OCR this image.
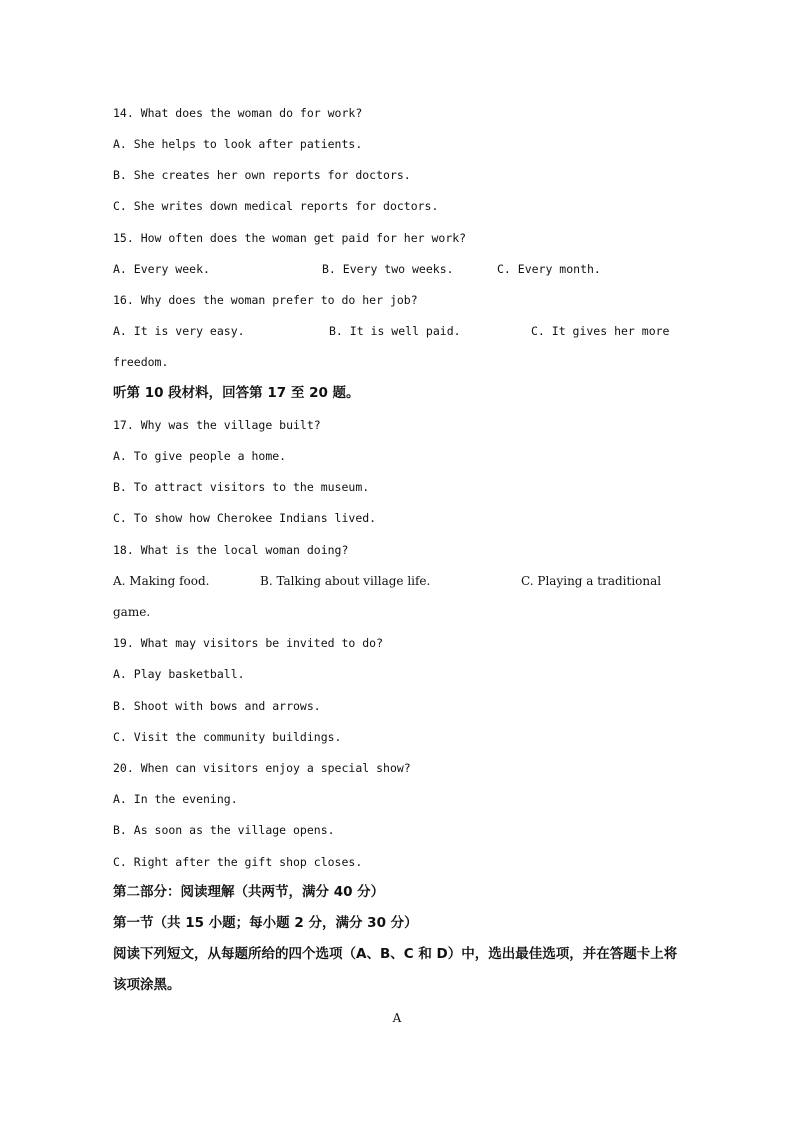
14. What does the woman do for work?
A. She helps to look after patients.
B. She creates her own reports for doctors.
C. She writes down medical reports for doctors.
15. How often does the woman get paid for her work?
A. Every week.	B. Every two weeks.	C. Every month.
16. Why does the woman prefer to do her job?
A. It is very easy.	B. It is well paid.	C. It gives her more
freedom.
听第 10 段材料，回答第 17 至 20 题。
17. Why was the village built?
A. To give people a home.
B. To attract visitors to the museum.
C. To show how Cherokee Indians lived.
18. What is the local woman doing?
A. Making food.	B. Talking about village life.	C. Playing a traditional
game.
19. What may visitors be invited to do?
A. Play basketball.
B. Shoot with bows and arrows.
C. Visit the community buildings.
20. When can visitors enjoy a special show?
A. In the evening.
B. As soon as the village opens.
C. Right after the gift shop closes.
第二部分：阅读理解（共两节，满分 40 分）
第一节（共 15 小题；每小题 2 分，满分 30 分）
阅读下列短文，从每题所给的四个选项（A、B、C 和 D）中，选出最佳选项，并在答题卡上将
该项涂黑。
A
